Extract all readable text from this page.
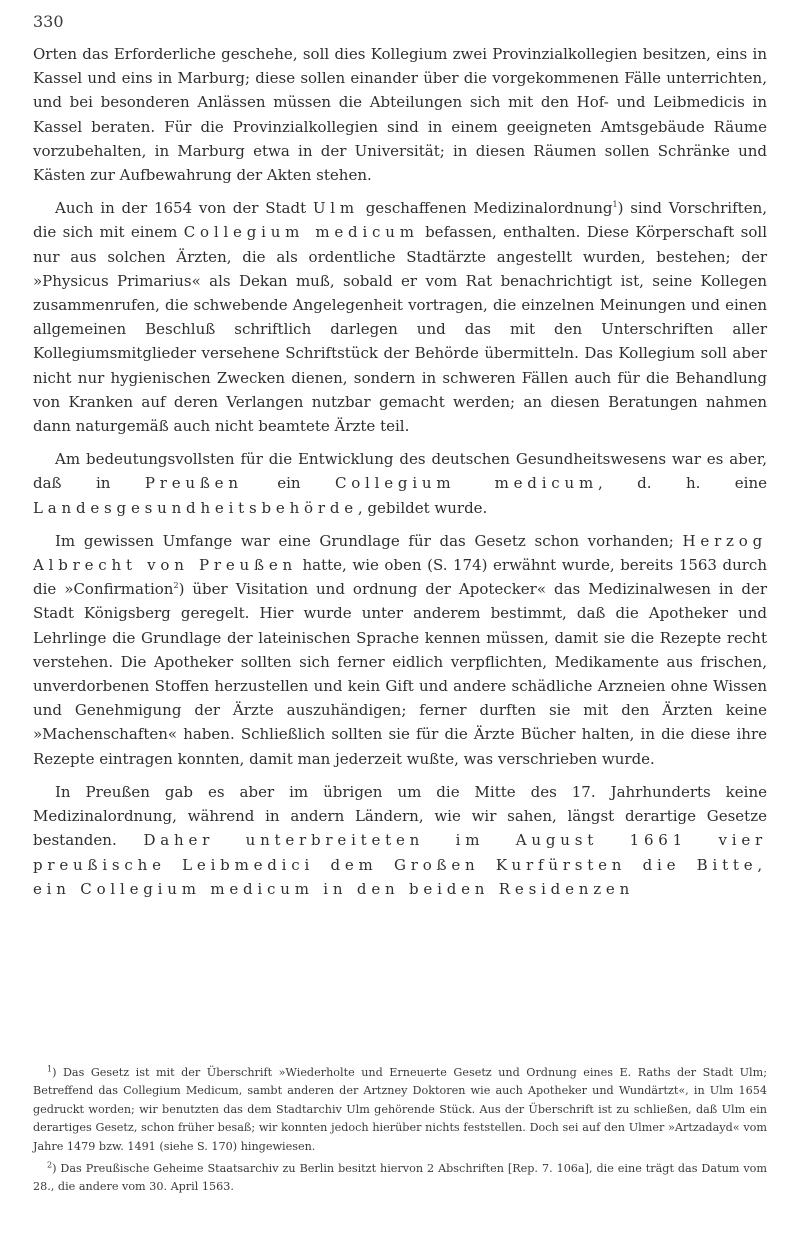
330

Orten das Erforderliche geschehe, soll dies Kollegium zwei Provinzialkollegien besitzen, eins in Kassel und eins in Marburg; diese sollen einander über die vorgekommenen Fälle unterrichten, und bei besonderen Anlässen müssen die Abteilungen sich mit den Hof- und Leibmedicis in Kassel beraten. Für die Provinzialkollegien sind in einem geeigneten Amtsgebäude Räume vorzubehalten, in Marburg etwa in der Universität; in diesen Räumen sollen Schränke und Kästen zur Aufbewahrung der Akten stehen.

Auch in der 1654 von der Stadt Ulm geschaffenen Medizinalordnung$^1$) sind Vorschriften, die sich mit einem Collegium medicum befassen, enthalten. Diese Körperschaft soll nur aus solchen Ärzten, die als ordentliche Stadtärzte angestellt wurden, bestehen; der »Physicus Primarius« als Dekan muß, sobald er vom Rat benachrichtigt ist, seine Kollegen zusammenrufen, die schwebende Angelegenheit vortragen, die einzelnen Meinungen und einen allgemeinen Beschluß schriftlich darlegen und das mit den Unterschriften aller Kollegiumsmitglieder versehene Schriftstück der Behörde übermitteln. Das Kollegium soll aber nicht nur hygienischen Zwecken dienen, sondern in schweren Fällen auch für die Behandlung von Kranken auf deren Verlangen nutzbar gemacht werden; an diesen Beratungen nahmen dann naturgemäß auch nicht beamtete Ärzte teil.

Am bedeutungsvollsten für die Entwicklung des deutschen Gesundheitswesens war es aber, daß in Preußen ein Collegium medicum, d. h. eine Landesgesundheitsbehörde, gebildet wurde.

Im gewissen Umfange war eine Grundlage für das Gesetz schon vorhanden; Herzog Albrecht von Preußen hatte, wie oben (S. 174) erwähnt wurde, bereits 1563 durch die »Confirmation$^2$) über Visitation und ordnung der Apotecker« das Medizinalwesen in der Stadt Königsberg geregelt. Hier wurde unter anderem bestimmt, daß die Apotheker und Lehrlinge die Grundlage der lateinischen Sprache kennen müssen, damit sie die Rezepte recht verstehen. Die Apotheker sollten sich ferner eidlich verpflichten, Medikamente aus frischen, unverdorbenen Stoffen herzustellen und kein Gift und andere schädliche Arzneien ohne Wissen und Genehmigung der Ärzte auszuhändigen; ferner durften sie mit den Ärzten keine »Machenschaften« haben. Schließlich sollten sie für die Ärzte Bücher halten, in die diese ihre Rezepte eintragen konnten, damit man jederzeit wußte, was verschrieben wurde.

In Preußen gab es aber im übrigen um die Mitte des 17. Jahrhunderts keine Medizinalordnung, während in andern Ländern, wie wir sahen, längst derartige Gesetze bestanden. Daher unterbreiteten im August 1661 vier preußische Leibmedici dem Großen Kurfürsten die Bitte, ein Collegium medicum in den beiden Residenzen

$^1$) Das Gesetz ist mit der Überschrift »Wiederholte und Erneuerte Gesetz und Ordnung eines E. Raths der Stadt Ulm; Betreffend das Collegium Medicum, sambt anderen der Artzney Doktoren wie auch Apotheker und Wundärtzt«, in Ulm 1654 gedruckt worden; wir benutzten das dem Stadtarchiv Ulm gehörende Stück. Aus der Überschrift ist zu schließen, daß Ulm ein derartiges Gesetz, schon früher besaß; wir konnten jedoch hierüber nichts feststellen. Doch sei auf den Ulmer »Artzadayd« vom Jahre 1479 bzw. 1491 (siehe S. 170) hingewiesen.

$^2$) Das Preußische Geheime Staatsarchiv zu Berlin besitzt hiervon 2 Abschriften [Rep. 7. 106a], die eine trägt das Datum vom 28., die andere vom 30. April 1563.
